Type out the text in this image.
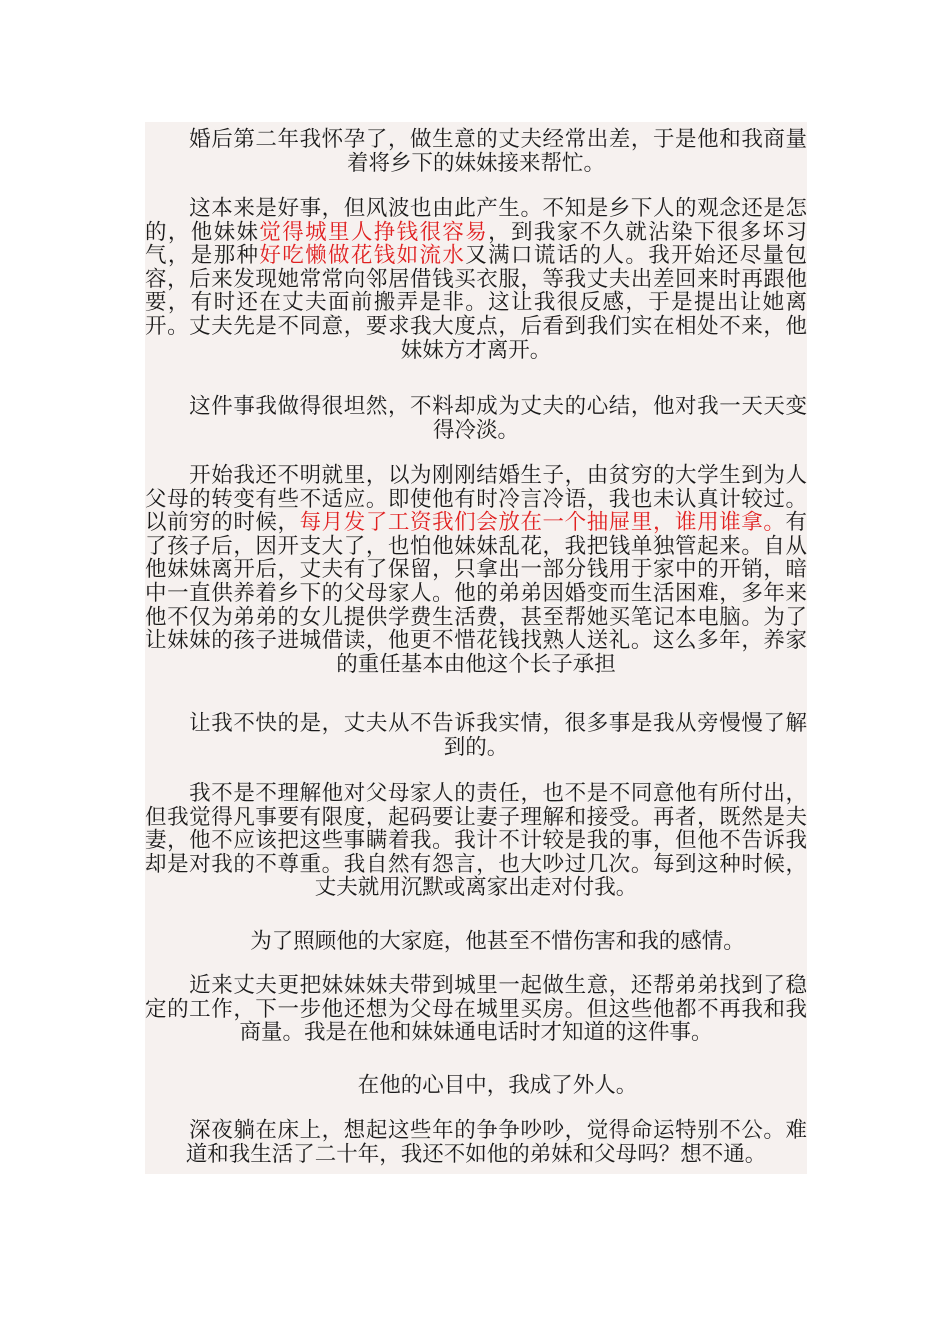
　　婚后第二年我怀孕了，做生意的丈夫经常出差，于是他和我商量着将乡下的妹妹接来帮忙。

　　这本来是好事，但风波也由此产生。不知是乡下人的观念还是怎的，他妹妹觉得城里人挣钱很容易，到我家不久就沾染下很多坏习气，是那种好吃懒做花钱如流水又满口谎话的人。我开始还尽量包容，后来发现她常常向邻居借钱买衣服，等我丈夫出差回来时再跟他要，有时还在丈夫面前搬弄是非。这让我很反感，于是提出让她离开。丈夫先是不同意，要求我大度点，后看到我们实在相处不来，他妹妹方才离开。

　　这件事我做得很坦然，不料却成为丈夫的心结，他对我一天天变得冷淡。

　　开始我还不明就里，以为刚刚结婚生子，由贫穷的大学生到为人父母的转变有些不适应。即使他有时冷言冷语，我也未认真计较过。以前穷的时候，每月发了工资我们会放在一个抽屉里，谁用谁拿。有了孩子后，因开支大了，也怕他妹妹乱花，我把钱单独管起来。自从他妹妹离开后，丈夫有了保留，只拿出一部分钱用于家中的开销，暗中一直供养着乡下的父母家人。他的弟弟因婚变而生活困难，多年来他不仅为弟弟的女儿提供学费生活费，甚至帮她买笔记本电脑。为了让妹妹的孩子进城借读，他更不惜花钱找熟人送礼。这么多年，养家的重任基本由他这个长子承担

　　让我不快的是，丈夫从不告诉我实情，很多事是我从旁慢慢了解到的。

　　我不是不理解他对父母家人的责任，也不是不同意他有所付出，但我觉得凡事要有限度，起码要让妻子理解和接受。再者，既然是夫妻，他不应该把这些事瞒着我。我计不计较是我的事，但他不告诉我却是对我的不尊重。我自然有怨言，也大吵过几次。每到这种时候，丈夫就用沉默或离家出走对付我。

　　为了照顾他的大家庭，他甚至不惜伤害和我的感情。

　　近来丈夫更把妹妹妹夫带到城里一起做生意，还帮弟弟找到了稳定的工作，下一步他还想为父母在城里买房。但这些他都不再我和我商量。我是在他和妹妹通电话时才知道的这件事。

　　在他的心目中，我成了外人。

　　深夜躺在床上，想起这些年的争争吵吵，觉得命运特别不公。难道和我生活了二十年，我还不如他的弟妹和父母吗？想不通。
